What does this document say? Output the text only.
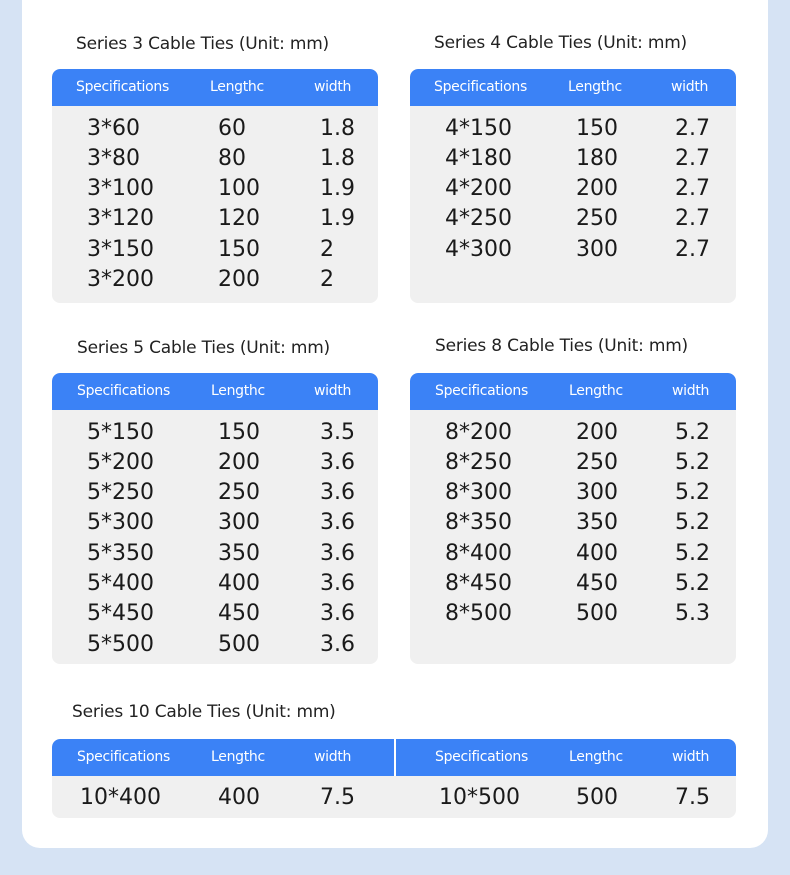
Series 3 Cable Ties (Unit: mm)	Series 4 Cable Ties (Unit: mm)
Series 5 Cable Ties (Unit: mm)	Series 8 Cable Ties (Unit: mm)
Series 10 Cable Ties (Unit: mm)
Specifications	Lengthc	width
3*60	60	1.8
3*80	80	1.8
3*100	100	1.9
3*120	120	1.9
3*150	150	2
3*200	200	2
Specifications	Lengthc	width
4*150	150	2.7
4*180	180	2.7
4*200	200	2.7
4*250	250	2.7
4*300	300	2.7
Specifications	Lengthc	width
5*150	150	3.5
5*200	200	3.6
5*250	250	3.6
5*300	300	3.6
5*350	350	3.6
5*400	400	3.6
5*450	450	3.6
5*500	500	3.6
Specifications	Lengthc	width
8*200	200	5.2
8*250	250	5.2
8*300	300	5.2
8*350	350	5.2
8*400	400	5.2
8*450	450	5.2
8*500	500	5.3
Specifications	Lengthc	width	Specifications	Lengthc	width
10*400	400	7.5	10*500	500	7.5
